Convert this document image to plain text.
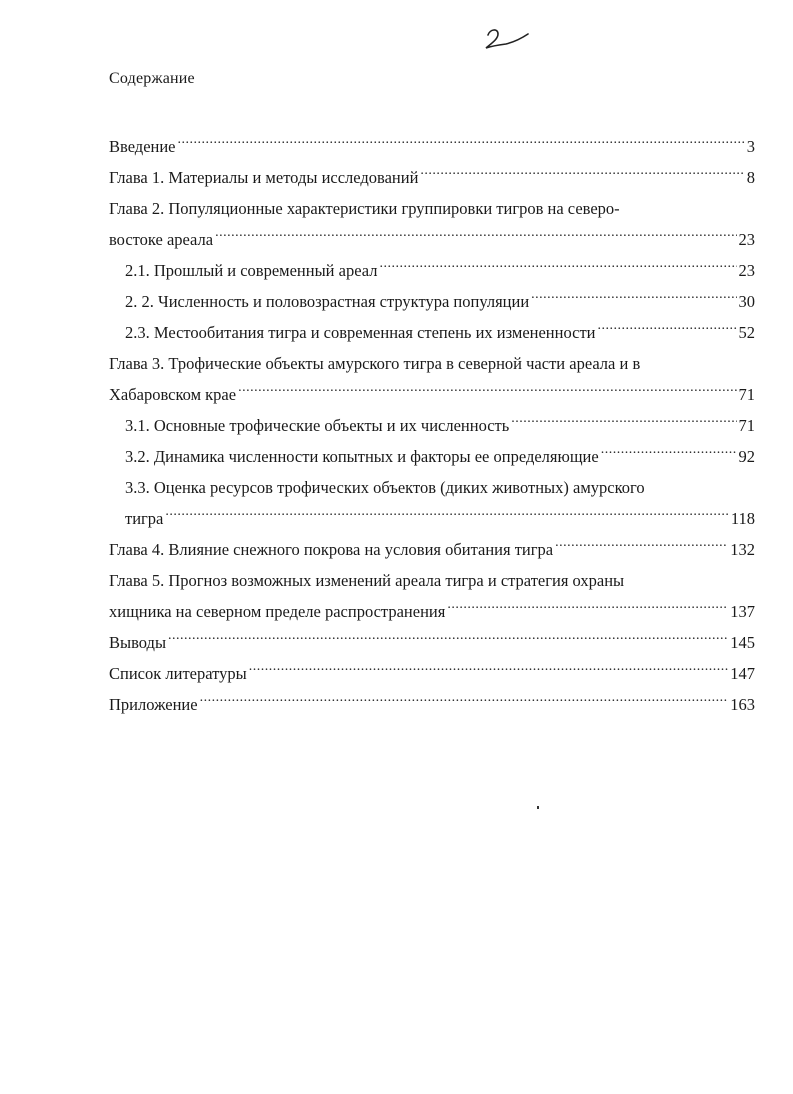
Содержание
Введение .....	3
Глава 1. Материалы и методы исследований .....	8
Глава 2. Популяционные характеристики группировки тигров на северо-
востоке ареала .....	23
2.1. Прошлый и современный ареал .....	23
2. 2. Численность и половозрастная структура популяции .....	30
2.3. Местообитания тигра и современная степень их измененности .....	52
Глава 3. Трофические объекты амурского тигра в северной части ареала и в
Хабаровском крае .....	71
3.1. Основные трофические объекты и их численность .....	71
3.2. Динамика численности копытных и факторы ее определяющие .....	92
3.3. Оценка ресурсов трофических объектов (диких животных) амурского
тигра .....	118
Глава 4. Влияние снежного покрова на условия обитания тигра .....	132
Глава 5. Прогноз возможных изменений ареала тигра и стратегия охраны
хищника на северном пределе распространения .....	137
Выводы .....	145
Список литературы .....	147
Приложение .....	163
